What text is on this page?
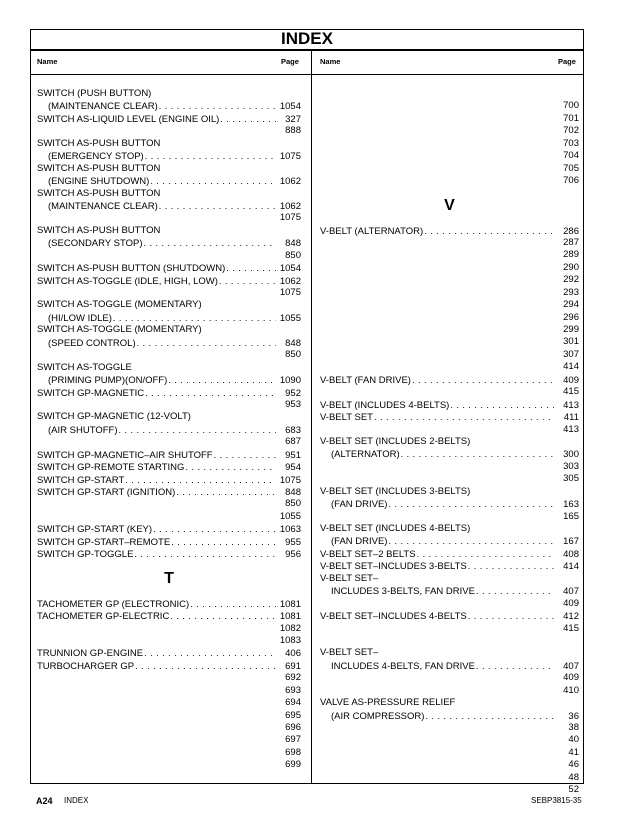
INDEX
Name	Page	Name	Page
SWITCH (PUSH BUTTON)
(MAINTENANCE CLEAR) . . .	1054
SWITCH AS-LIQUID LEVEL (ENGINE OIL) . . .	327
888
SWITCH AS-PUSH BUTTON
(EMERGENCY STOP) . . .	1075
SWITCH AS-PUSH BUTTON
(ENGINE SHUTDOWN) . . .	1062
SWITCH AS-PUSH BUTTON
(MAINTENANCE CLEAR) . . .	1062
1075
SWITCH AS-PUSH BUTTON
(SECONDARY STOP) . . .	848
850
SWITCH AS-PUSH BUTTON (SHUTDOWN) . . .	1054
SWITCH AS-TOGGLE (IDLE, HIGH, LOW) . . .	1062
1075
SWITCH AS-TOGGLE (MOMENTARY)
(HI/LOW IDLE) . . .	1055
SWITCH AS-TOGGLE (MOMENTARY)
(SPEED CONTROL) . . .	848
850
SWITCH AS-TOGGLE
(PRIMING PUMP)(ON/OFF) . . .	1090
SWITCH GP-MAGNETIC . . .	952
953
SWITCH GP-MAGNETIC (12-VOLT)
(AIR SHUTOFF) . . .	683
687
SWITCH GP-MAGNETIC–AIR SHUTOFF . . .	951
SWITCH GP-REMOTE STARTING . . .	954
SWITCH GP-START . . .	1075
SWITCH GP-START (IGNITION) . . .	848
850
1055
SWITCH GP-START (KEY) . . .	1063
SWITCH GP-START–REMOTE . . .	955
SWITCH GP-TOGGLE . . .	956
T
TACHOMETER GP (ELECTRONIC) . . .	1081
TACHOMETER GP-ELECTRIC . . .	1081
1082
1083
TRUNNION GP-ENGINE . . .	406
TURBOCHARGER GP . . .	691
692
693
694
695
696
697
698
699
700
701
702
703
704
705
706
V
V-BELT (ALTERNATOR) . . .	286
287
289
290
292
293
294
296
299
301
307
414
V-BELT (FAN DRIVE) . . .	409
415
V-BELT (INCLUDES 4-BELTS) . . .	413
V-BELT SET . . .	411
413
V-BELT SET (INCLUDES 2-BELTS)
(ALTERNATOR) . . .	300
303
305
V-BELT SET (INCLUDES 3-BELTS)
(FAN DRIVE) . . .	163
165
V-BELT SET (INCLUDES 4-BELTS)
(FAN DRIVE) . . .	167
V-BELT SET–2 BELTS . . .	408
V-BELT SET–INCLUDES 3-BELTS . . .	414
V-BELT SET–
INCLUDES 3-BELTS, FAN DRIVE . . .	407
409
V-BELT SET–INCLUDES 4-BELTS . . .	412
415
V-BELT SET–
INCLUDES 4-BELTS, FAN DRIVE . . .	407
409
410
VALVE AS-PRESSURE RELIEF
(AIR COMPRESSOR) . . .	36
38
40
41
46
48
52
A24 INDEX	SEBP3815-35
